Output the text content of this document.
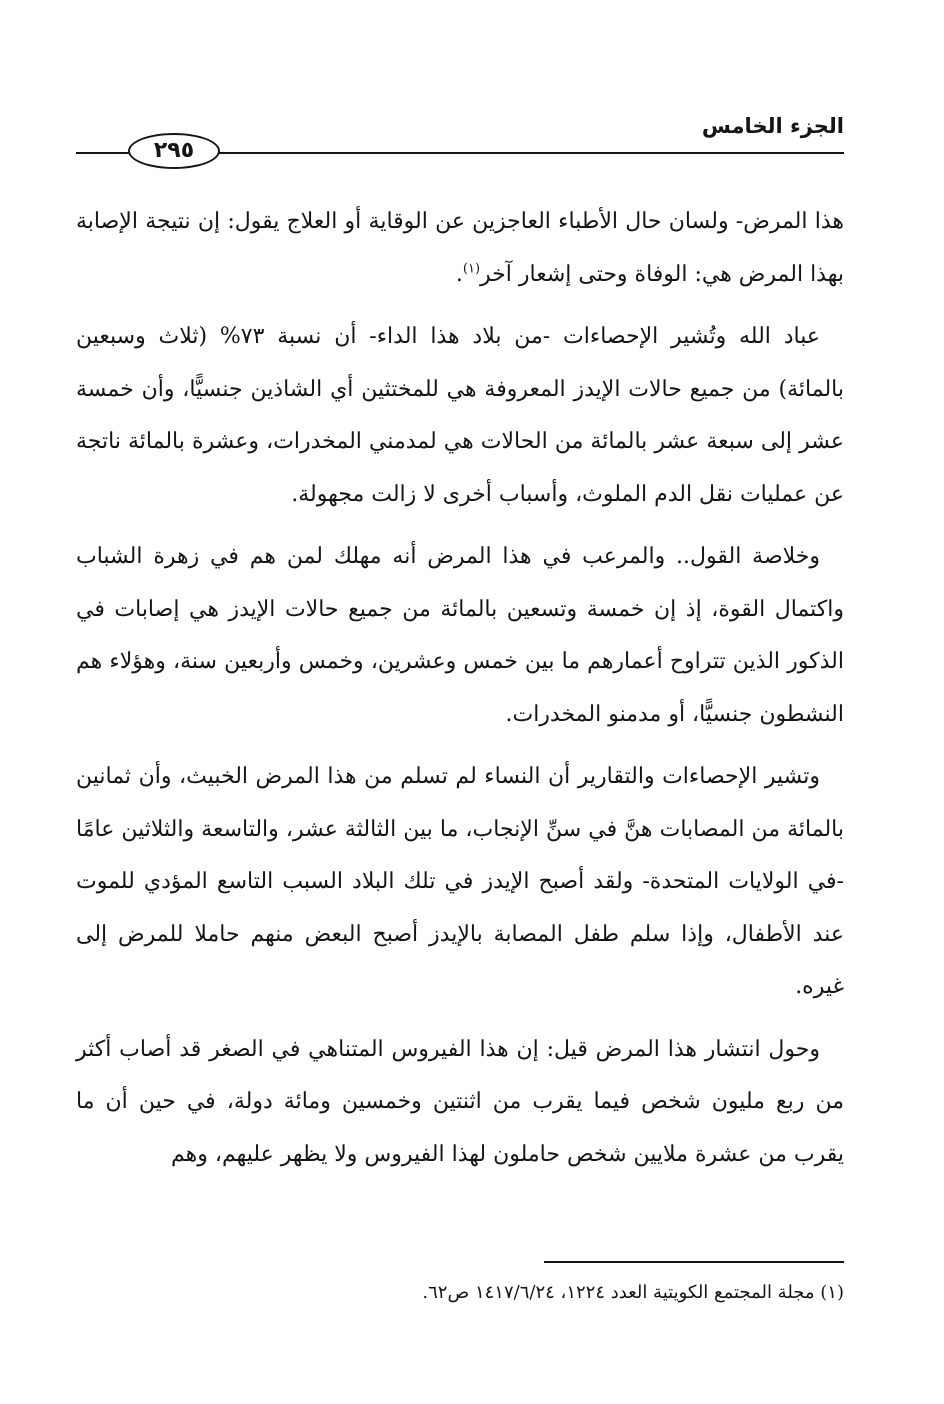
الجزء الخامس
٢٩٥

هذا المرض- ولسان حال الأطباء العاجزين عن الوقاية أو العلاج يقول: إن نتيجة الإصابة بهذا المرض هي: الوفاة وحتى إشعار آخر$^{(١)}$.

عباد الله وتُشير الإحصاءات -من بلاد هذا الداء- أن نسبة ٧٣% (ثلاث وسبعين بالمائة) من جميع حالات الإيدز المعروفة هي للمختثين أي الشاذين جنسيًّا، وأن خمسة عشر إلى سبعة عشر بالمائة من الحالات هي لمدمني المخدرات، وعشرة بالمائة ناتجة عن عمليات نقل الدم الملوث، وأسباب أخرى لا زالت مجهولة.

وخلاصة القول.. والمرعب في هذا المرض أنه مهلك لمن هم في زهرة الشباب واكتمال القوة، إذ إن خمسة وتسعين بالمائة من جميع حالات الإيدز هي إصابات في الذكور الذين تتراوح أعمارهم ما بين خمس وعشرين، وخمس وأربعين سنة، وهؤلاء هم النشطون جنسيًّا، أو مدمنو المخدرات.

وتشير الإحصاءات والتقارير أن النساء لم تسلم من هذا المرض الخبيث، وأن ثمانين بالمائة من المصابات هنَّ في سنِّ الإنجاب، ما بين الثالثة عشر، والتاسعة والثلاثين عامًا -في الولايات المتحدة- ولقد أصبح الإيدز في تلك البلاد السبب التاسع المؤدي للموت عند الأطفال، وإذا سلم طفل المصابة بالإيدز أصبح البعض منهم حاملا للمرض إلى غيره.

وحول انتشار هذا المرض قيل: إن هذا الفيروس المتناهي في الصغر قد أصاب أكثر من ربع مليون شخص فيما يقرب من اثنتين وخمسين ومائة دولة، في حين أن ما يقرب من عشرة ملايين شخص حاملون لهذا الفيروس ولا يظهر عليهم، وهم

(١) مجلة المجتمع الكويتية العدد ١٢٢٤، ١٤١٧/٦/٢٤ ص٦٢.
